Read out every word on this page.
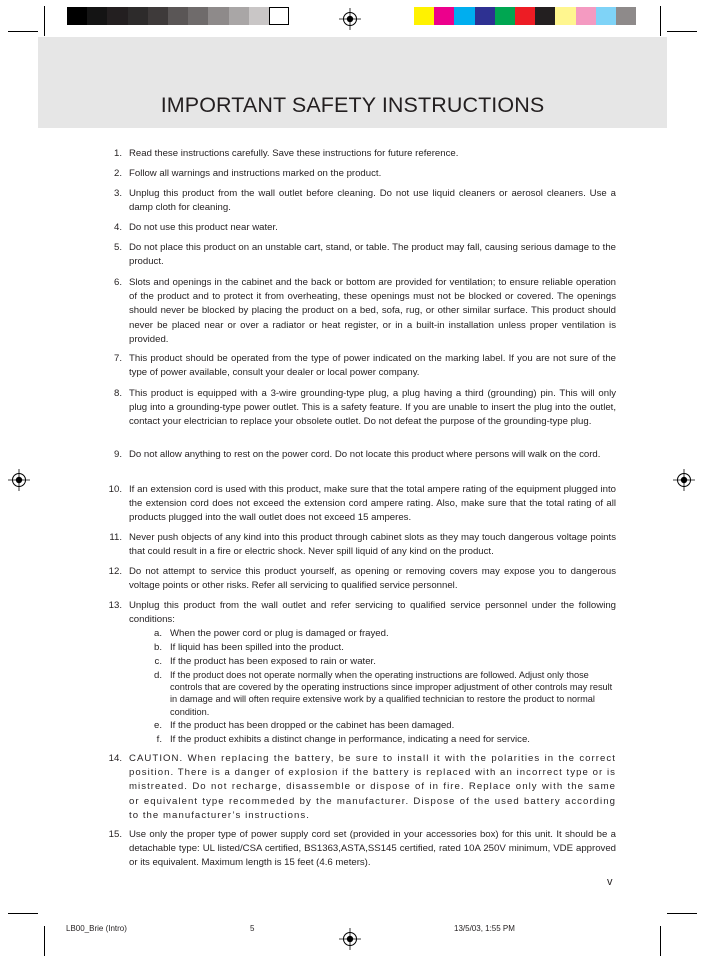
IMPORTANT SAFETY INSTRUCTIONS
1. Read these instructions carefully. Save these instructions for future reference.
2. Follow all warnings and instructions marked on the product.
3. Unplug this product from the wall outlet before cleaning. Do not use liquid cleaners or aerosol cleaners. Use a damp cloth for cleaning.
4. Do not use this product near water.
5. Do not place this product on an unstable cart, stand, or table. The product may fall, causing serious damage to the product.
6. Slots and openings in the cabinet and the back or bottom are provided for ventilation; to ensure reliable operation of the product and to protect it from overheating, these openings must not be blocked or covered. The openings should never be blocked by placing the product on a bed, sofa, rug, or other similar surface. This product should never be placed near or over a radiator or heat register, or in a built-in installation unless proper ventilation is provided.
7. This product should be operated from the type of power indicated on the marking label. If you are not sure of the type of power available, consult your dealer or local power company.
8. This product is equipped with a 3-wire grounding-type plug, a plug having a third (grounding) pin. This will only plug into a grounding-type power outlet. This is a safety feature. If you are unable to insert the plug into the outlet, contact your electrician to replace your obsolete outlet. Do not defeat the purpose of the grounding-type plug.
9. Do not allow anything to rest on the power cord. Do not locate this product where persons will walk on the cord.
10. If an extension cord is used with this product, make sure that the total ampere rating of the equipment plugged into the extension cord does not exceed the extension cord ampere rating. Also, make sure that the total rating of all products plugged into the wall outlet does not exceed 15 amperes.
11. Never push objects of any kind into this product through cabinet slots as they may touch dangerous voltage points that could result in a fire or electric shock. Never spill liquid of any kind on the product.
12. Do not attempt to service this product yourself, as opening or removing covers may expose you to dangerous voltage points or other risks. Refer all servicing to qualified service personnel.
13. Unplug this product from the wall outlet and refer servicing to qualified service personnel under the following conditions:
a. When the power cord or plug is damaged or frayed.
b. If liquid has been spilled into the product.
c. If the product has been exposed to rain or water.
d. If the product does not operate normally when the operating instructions are followed. Adjust only those controls that are covered by the operating instructions since improper adjustment of other controls may result in damage and will often require extensive work by a qualified technician to restore the product to normal condition.
e. If the product has been dropped or the cabinet has been damaged.
f. If the product exhibits a distinct change in performance, indicating a need for service.
14. CAUTION. When replacing the battery, be sure to install it with the polarities in the correct position. There is a danger of explosion if the battery is replaced with an incorrect type or is mistreated. Do not recharge, disassemble or dispose of in fire. Replace only with the same or equivalent type recommeded by the manufacturer. Dispose of the used battery according to the manufacturer’s instructions.
15. Use only the proper type of power supply cord set (provided in your accessories box) for this unit. It should be a detachable type: UL listed/CSA certified, BS1363,ASTA,SS145 certified, rated 10A 250V minimum, VDE approved or its equivalent. Maximum length is 15 feet (4.6 meters).
v
LB00_Brie (Intro)	5	13/5/03, 1:55 PM
